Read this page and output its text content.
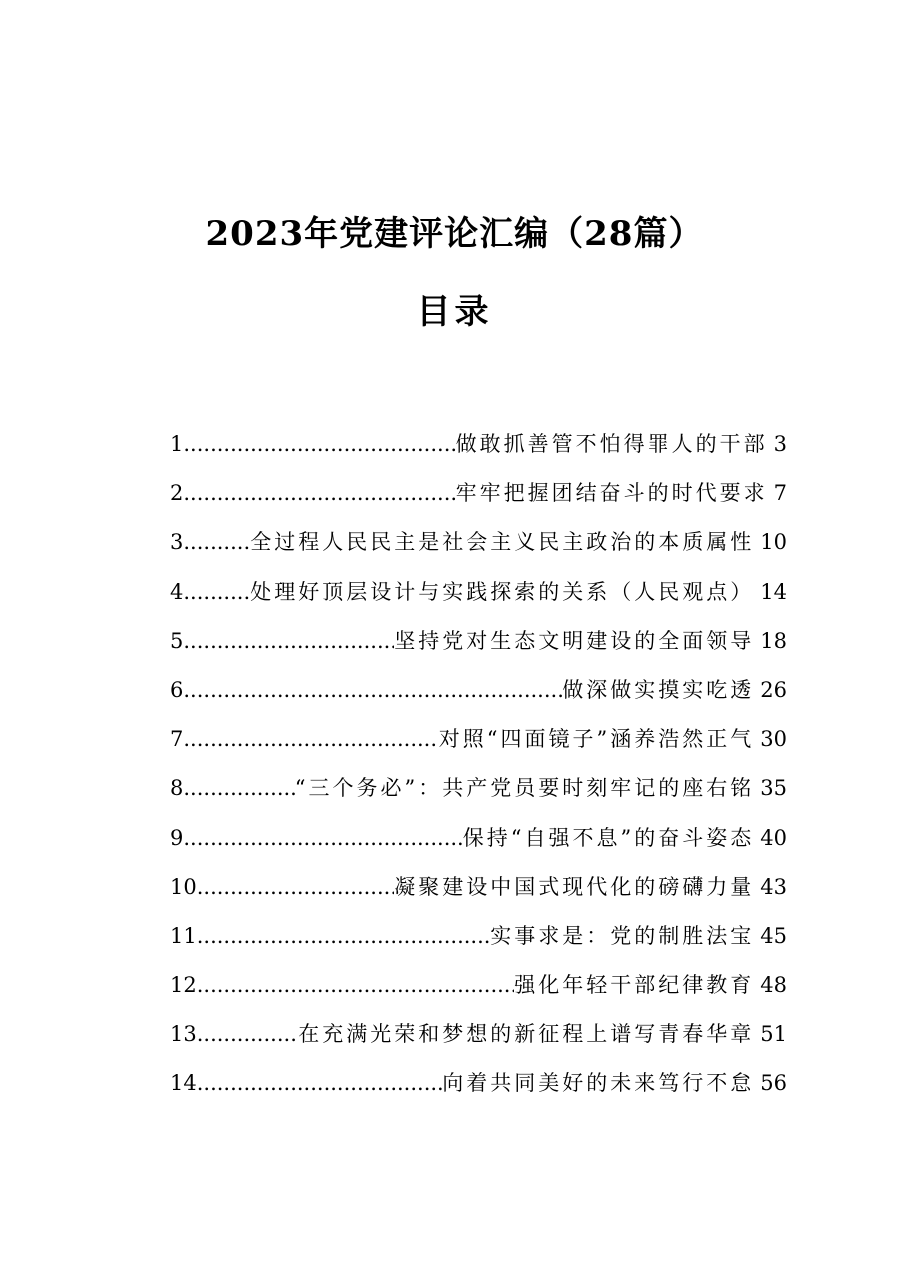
2023年党建评论汇编（28篇）
目录
1 .....	做敢抓善管不怕得罪人的干部 3
2 .....	牢牢把握团结奋斗的时代要求 7
3 .....	全过程人民民主是社会主义民主政治的本质属性 10
4 .....	处理好顶层设计与实践探索的关系（人民观点） 14
5 .....	坚持党对生态文明建设的全面领导 18
6 .....	做深做实摸实吃透 26
7 .....	对照“四面镜子”涵养浩然正气 30
8 .....	“三个务必”：共产党员要时刻牢记的座右铭 35
9 .....	保持“自强不息”的奋斗姿态 40
10 .....	凝聚建设中国式现代化的磅礴力量 43
11 .....	实事求是：党的制胜法宝 45
12 .....	强化年轻干部纪律教育 48
13 .....	在充满光荣和梦想的新征程上谱写青春华章 51
14 .....	向着共同美好的未来笃行不怠 56
